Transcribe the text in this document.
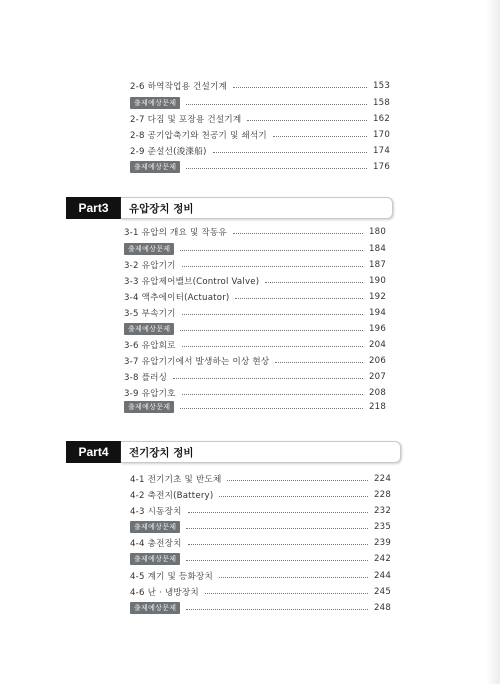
Part3	유압장치 정비
Part4	전기장치 정비
2-6 하역작업용 건설기계	153
출제예상문제	158
2-7 다짐 및 포장용 건설기계	162
2-8 공기압축기와 천공기 및 쇄석기	170
2-9 준설선(浚渫船)	174
출제예상문제	176
3-1 유압의 개요 및 작동유	180
출제예상문제	184
3-2 유압기기	187
3-3 유압제어밸브(Control Valve)	190
3-4 액추에이터(Actuator)	192
3-5 부속기기	194
출제예상문제	196
3-6 유압회로	204
3-7 유압기기에서 발생하는 이상 현상	206
3-8 플러싱	207
3-9 유압기호	208
출제예상문제	218
4-1 전기기초 및 반도체	224
4-2 축전지(Battery)	228
4-3 시동장치	232
출제예상문제	235
4-4 충전장치	239
출제예상문제	242
4-5 계기 및 등화장치	244
4-6 난 · 냉방장치	245
출제예상문제	248
